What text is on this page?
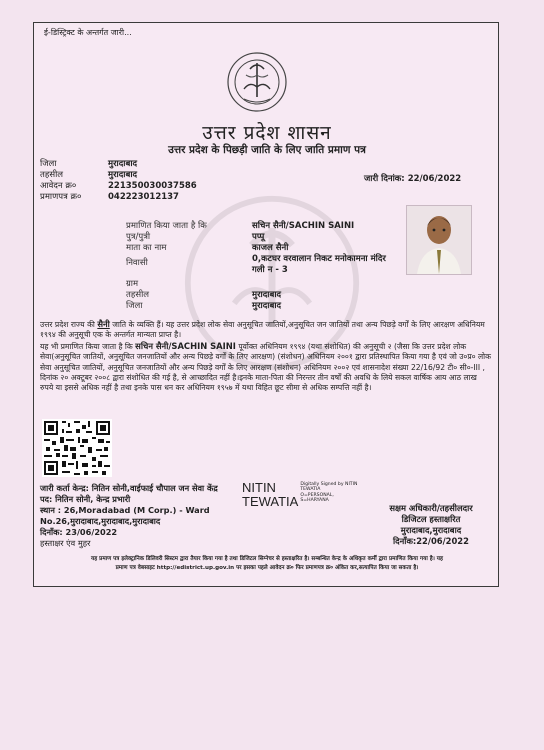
ई-डिस्ट्रिक्ट के अन्तर्गत जारी...
उत्तर प्रदेश शासन
उत्तर प्रदेश के पिछड़ी जाति के लिए जाति प्रमाण पत्र
जिला	मुरादाबाद
तहसील	मुरादाबाद
आवेदन क्र०	221350030037586
प्रमाणपत्र क्र०	042223012137
जारी दिनांक: 22/06/2022
प्रमाणित किया जाता है कि	सचिन सैनी/SACHIN SAINI
पुत्र/पुत्री	पप्पू
माता का नाम	काजल सैनी
निवासी	0,कटघर वरवालान निकट मनोकामना मंदिर गली न - 3
ग्राम
तहसील	मुरादाबाद
जिला	मुरादाबाद
उत्तर प्रदेश राज्य की सैनी जाति के व्यक्ति हैं। यह उत्तर प्रदेश लोक सेवा अनुसूचित जातियों,अनुसूचित जन जातियों तथा अन्य पिछड़े वर्गों के लिए आरक्षण अधिनियम १९९४ की अनुसूची एक के अन्तर्गत मान्यता प्राप्त है।
यह भी प्रमाणित किया जाता है कि सचिन सैनी/SACHIN SAINI पूर्वोक्त अधिनियम १९९४ (यथा संशोधित) की अनुसूची २ (जैसा कि उत्तर प्रदेश लोक सेवा(अनुसूचित जातियों, अनुसूचित जनजातियों और अन्य पिछड़े वर्गों के लिए आरक्षण) (संशोधन) अधिनियम २००१ द्वारा प्रतिस्थापित किया गया है एवं जो उ०प्र० लोक सेवा अनुसूचित जातियों, अनुसूचित जनजातियों और अन्य पिछड़े वर्गों के लिए आरक्षण (संशोधन) अधिनियम २००२ एवं शासनादेश संख्या 22/16/92 टी० सी०-III , दिनांक २० अक्टूबर २००८ द्वारा संशोधित की गई है, से आच्छादित नहीं है।इनके माता-पिता की निरन्तर तीन वर्षों की अवधि के लिये सकल वार्षिक आय आठ लाख रुपये या इससे अधिक नहीं है तथा इनके पास धन कर अधिनियम १९५७ में यथा विहित छूट सीमा से अधिक सम्पत्ति नहीं है।
जारी कर्ता केन्द्र: नितिन सोनी,वाईफाई चौपाल जन सेवा केंद्र
पद: नितिन सोनी, केन्द्र प्रभारी
स्थान : 26,Moradabad (M Corp.) - Ward
No.26,मुरादाबाद,मुरादाबाद,मुरादाबाद
दिनाँक: 23/06/2022
हस्ताक्षर एंव मुहर
NITIN
TEWATIA
Digitally Signed by NITIN
TEWATIA
O=PERSONAL,
S=HARYANA
सक्षम अधिकारी/तहसीलदार
डिजिटल हस्ताक्षरित
मुरादाबाद,मुरादाबाद
दिनाँक:22/06/2022
यह प्रमाण पत्र इलेक्ट्रानिक डिलिवरी सिस्टम द्वारा तैयार किया गया है तथा डिजिटल सिग्नेचर से हस्ताक्षरित है। सम्बन्धित केन्द्र के अधिकृत कर्मी द्वारा प्रमाणित किया गया है। यह
प्रमाण पत्र वेबसाइट http://edistrict.up.gov.in पर इसका पहले आवेदन क्र० फिर प्रमाणपत्र क्र० अंकित कर,सत्यापित किया जा सकता है।
